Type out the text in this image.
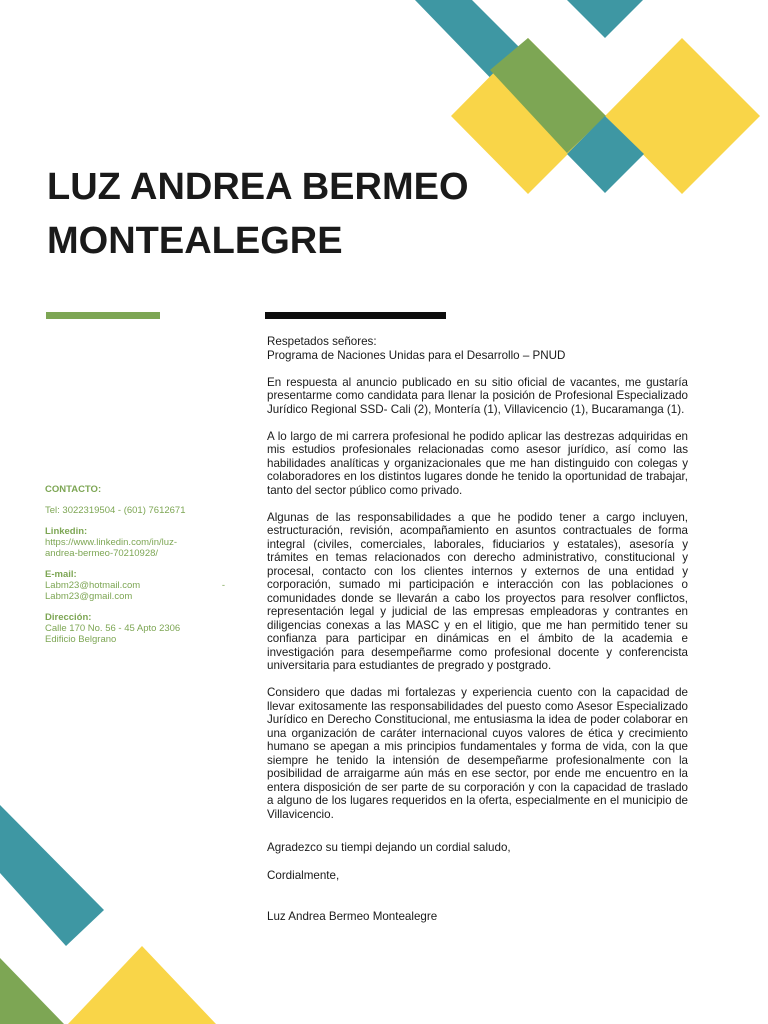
LUZ ANDREA BERMEO
MONTEALEGRE

CONTACTO:

Tel: 3022319504 - (601) 7612671

Linkedin:

https://www.linkedin.com/in/luz-

andrea-bermeo-70210928/

E-mail:

Labm23@hotmail.com	-

Labm23@gmail.com

Dirección:

Calle 170 No. 56 - 45 Apto 2306

Edificio Belgrano

Respetados señores:
Programa de Naciones Unidas para el Desarrollo – PNUD

En respuesta al anuncio publicado en su sitio oficial de vacantes, me gustaría presentarme como candidata para llenar la posición de Profesional Especializado Jurídico Regional SSD- Cali (2), Montería (1), Villavicencio (1), Bucaramanga (1).

A lo largo de mi carrera profesional he podido aplicar las destrezas adquiridas en mis estudios profesionales relacionadas como asesor jurídico, así como las habilidades analíticas y organizacionales que me han distinguido con colegas y colaboradores en los distintos lugares donde he tenido la oportunidad de trabajar, tanto del sector público como privado.

Algunas de las responsabilidades a que he podido tener a cargo incluyen, estructuración, revisión, acompañamiento en asuntos contractuales de forma integral (civiles, comerciales, laborales, fiduciarios y estatales), asesoría y trámites en temas relacionados con derecho administrativo, constitucional y procesal, contacto con los clientes internos y externos de una entidad y corporación, sumado mi participación e interacción con las poblaciones o comunidades donde se llevarán a cabo los proyectos para resolver conflictos, representación legal y judicial de las empresas empleadoras y contrantes en diligencias conexas a las MASC y en el litigio, que me han permitido tener su confianza para participar en dinámicas en el ámbito de la academia e investigación para desempeñarme como profesional docente y conferencista universitaria para estudiantes de pregrado y postgrado.

Considero que dadas mi fortalezas y experiencia cuento con la capacidad de llevar exitosamente las responsabilidades del puesto como Asesor Especializado Jurídico en Derecho Constitucional, me entusiasma la idea de poder colaborar en una organización de caráter internacional cuyos valores de ética y crecimiento humano se apegan a mis principios fundamentales y forma de vida, con la que siempre he tenido la intensión de desempeñarme profesionalmente con la posibilidad de arraigarme aún más en ese sector, por ende me encuentro en la entera disposición de ser parte de su corporación y con la capacidad de traslado a alguno de los lugares requeridos en la oferta, especialmente en el municipio de Villavicencio.

Agradezco su tiempi dejando un cordial saludo,
Cordialmente,
Luz Andrea Bermeo Montealegre
